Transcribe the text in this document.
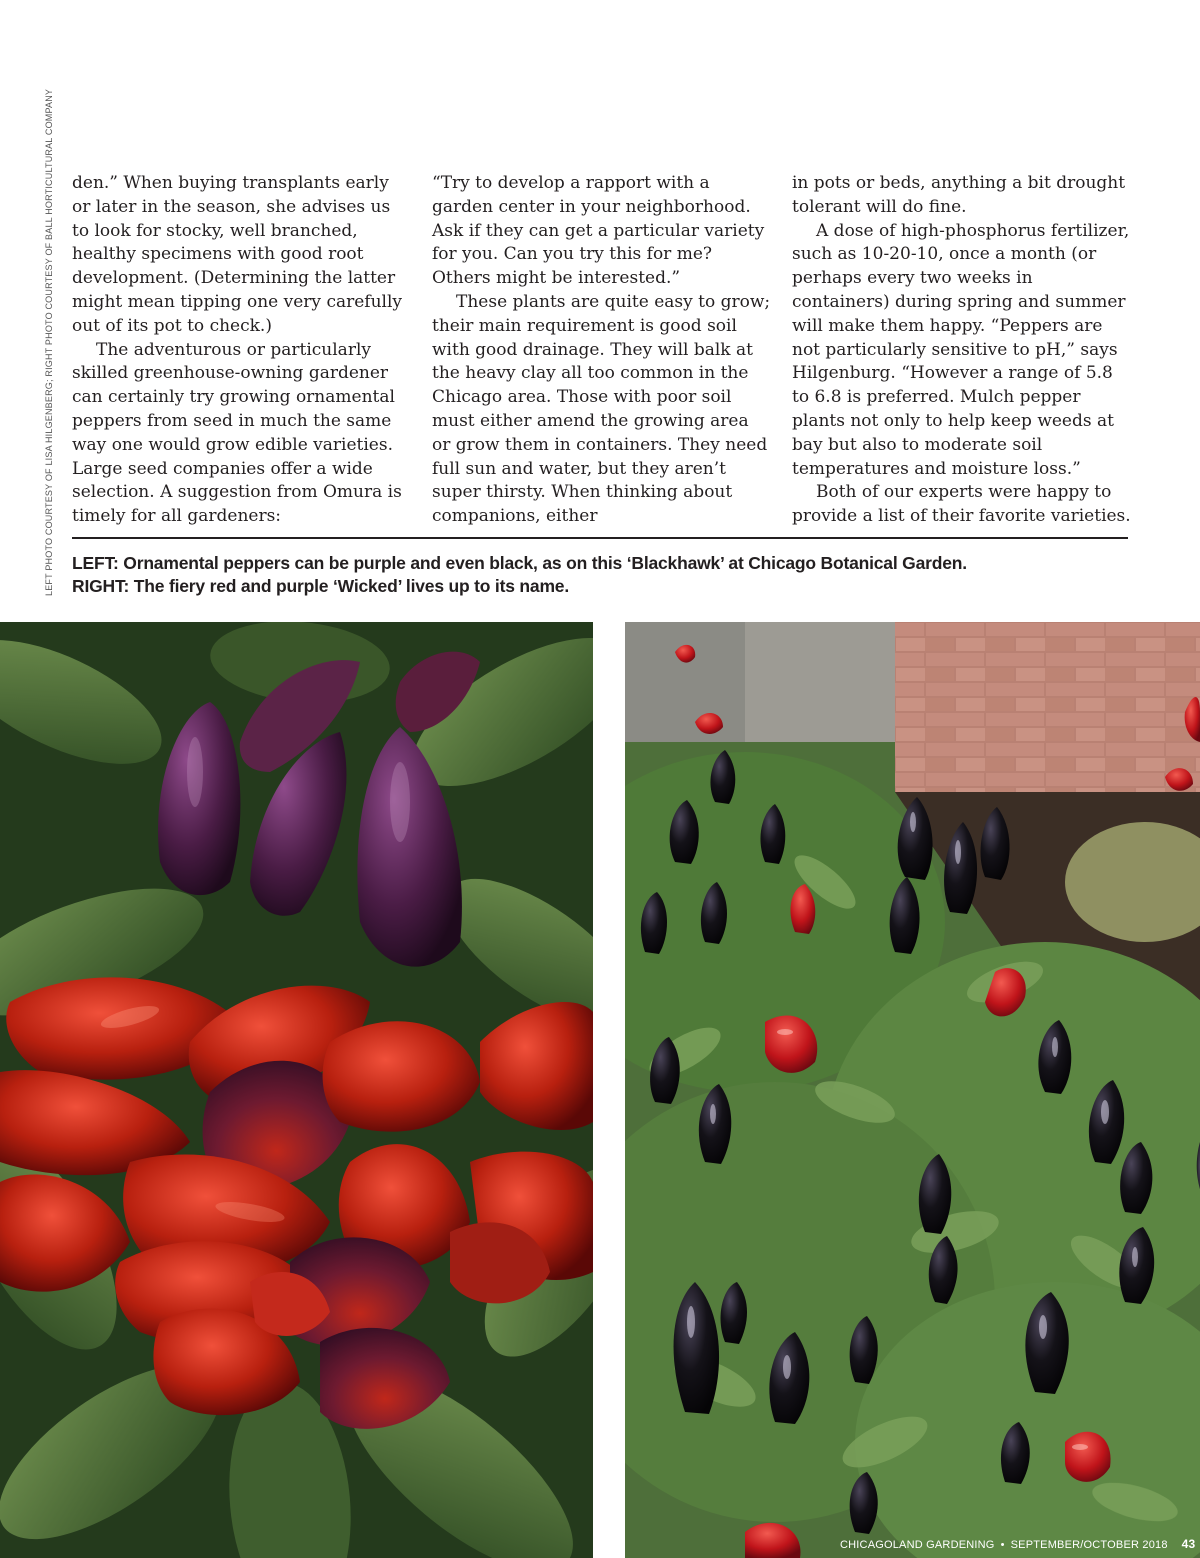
LEFT PHOTO COURTESY OF LISA HILGENBERG; RIGHT PHOTO COURTESY OF BALL HORTICULTURAL COMPANY den.” When buying transplants early or later in the season, she advises us to look for stocky, well branched, healthy specimens with good root development. (Determining the latter might mean tipping one very carefully out of its pot to check.)

The adventurous or particularly skilled greenhouse-owning gardener can certainly try growing ornamental peppers from seed in much the same way one would grow edible varieties. Large seed companies offer a wide selection. A suggestion from Omura is timely for all gardeners:

“Try to develop a rapport with a garden center in your neighborhood. Ask if they can get a particular variety for you. Can you try this for me? Others might be interested.”

These plants are quite easy to grow; their main requirement is good soil with good drainage. They will balk at the heavy clay all too common in the Chicago area. Those with poor soil must either amend the growing area or grow them in containers. They need full sun and water, but they aren’t super thirsty. When thinking about companions, either

in pots or beds, anything a bit drought tolerant will do fine.

A dose of high-phosphorus fertilizer, such as 10-20-10, once a month (or perhaps every two weeks in containers) during spring and summer will make them happy. “Peppers are not particularly sensitive to pH,” says Hilgenburg. “However a range of 5.8 to 6.8 is preferred. Mulch pepper plants not only to help keep weeds at bay but also to moderate soil temperatures and moisture loss.”

Both of our experts were happy to provide a list of their favorite varieties.

LEFT: Ornamental peppers can be purple and even black, as on this ‘Blackhawk’ at Chicago Botanical Garden.
RIGHT: The fiery red and purple ‘Wicked’ lives up to its name.
CHICAGOLAND GARDENING • SEPTEMBER/OCTOBER 2018 43
